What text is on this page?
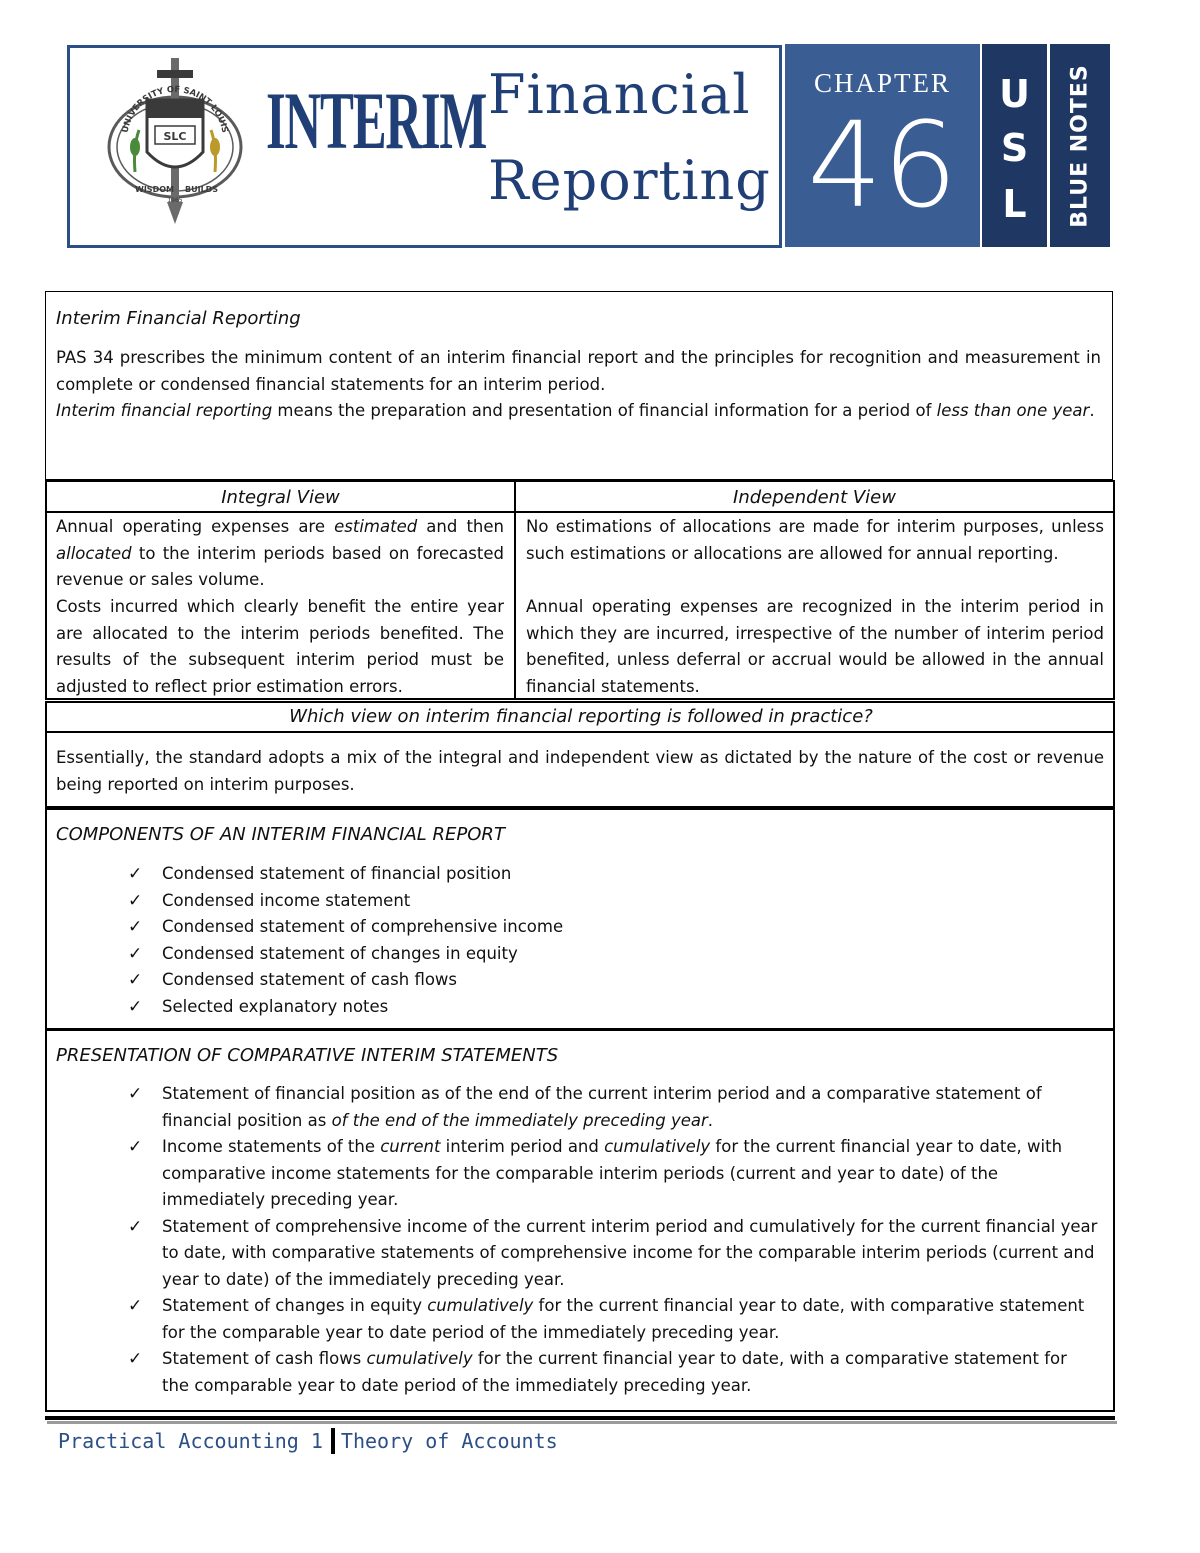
SLC
UNIVERSITY OF SAINT LOUIS
WISDOM BUILDS
1965
INTERIM Financial
Reporting
CHAPTER
46
U
S
L	BLUE NOTES
Interim Financial Reporting
PAS 34 prescribes the minimum content of an interim financial report and the principles for recognition and measurement in complete or condensed financial statements for an interim period.
Interim financial reporting means the preparation and presentation of financial information for a period of less than one year.
Integral View	Independent View
Annual operating expenses are estimated and then allocated to the interim periods based on forecasted revenue or sales volume.
Costs incurred which clearly benefit the entire year are allocated to the interim periods benefited. The results of the subsequent interim period must be adjusted to reflect prior estimation errors.
No estimations of allocations are made for interim purposes, unless such estimations or allocations are allowed for annual reporting.
Annual operating expenses are recognized in the interim period in which they are incurred, irrespective of the number of interim period benefited, unless deferral or accrual would be allowed in the annual financial statements.
Which view on interim financial reporting is followed in practice?
Essentially, the standard adopts a mix of the integral and independent view as dictated by the nature of the cost or revenue being reported on interim purposes.
COMPONENTS OF AN INTERIM FINANCIAL REPORT
✓ Condensed statement of financial position
✓ Condensed income statement
✓ Condensed statement of comprehensive income
✓ Condensed statement of changes in equity
✓ Condensed statement of cash flows
✓ Selected explanatory notes
PRESENTATION OF COMPARATIVE INTERIM STATEMENTS
✓ Statement of financial position as of the end of the current interim period and a comparative statement of financial position as of the end of the immediately preceding year.
✓ Income statements of the current interim period and cumulatively for the current financial year to date, with comparative income statements for the comparable interim periods (current and year to date) of the immediately preceding year.
✓ Statement of comprehensive income of the current interim period and cumulatively for the current financial year to date, with comparative statements of comprehensive income for the comparable interim periods (current and year to date) of the immediately preceding year.
✓ Statement of changes in equity cumulatively for the current financial year to date, with comparative statement for the comparable year to date period of the immediately preceding year.
✓ Statement of cash flows cumulatively for the current financial year to date, with a comparative statement for the comparable year to date period of the immediately preceding year.
Practical Accounting 1 Theory of Accounts
